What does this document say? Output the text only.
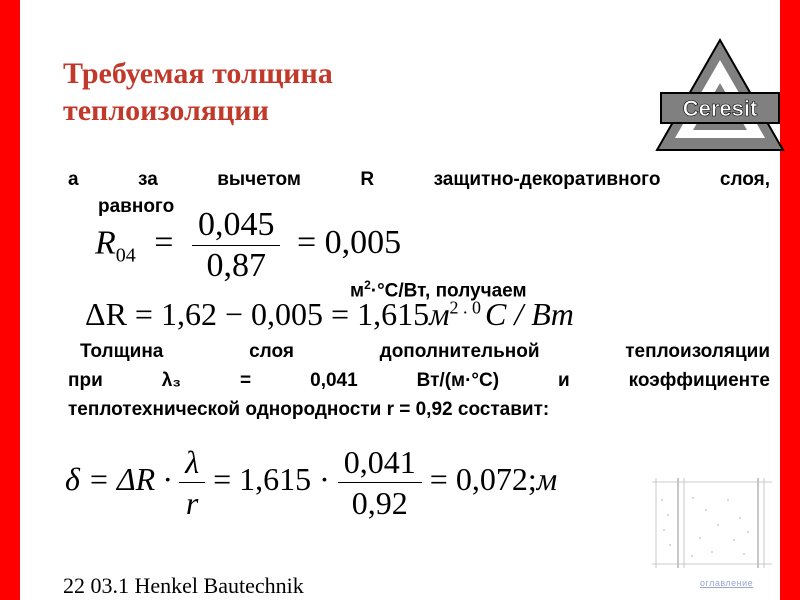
Требуемая толщина
теплоизоляции	Ceresit
а за вычетом R защитно-декоративного слоя,
равного
$R_{04} = \frac{0,045}{0,87} = 0,005$
$м^2\cdot^\circ С/Вт$, получаем
$\Delta R = 1,62 - 0,005 = 1,615м^{2 . 0}$ C / Bm
Толщина слоя дополнительной теплоизоляции
при λ₃ = 0,041 Вт/(м·°С) и коэффициенте
теплотехнической однородности r = 0,92 составит:
$\delta = \Delta R \cdot \frac{\lambda}{r} = 1,615 \cdot \frac{0,041}{0,92}$ = 0,072;м
22 03.1 Henkel Bautechnik	оглавление
